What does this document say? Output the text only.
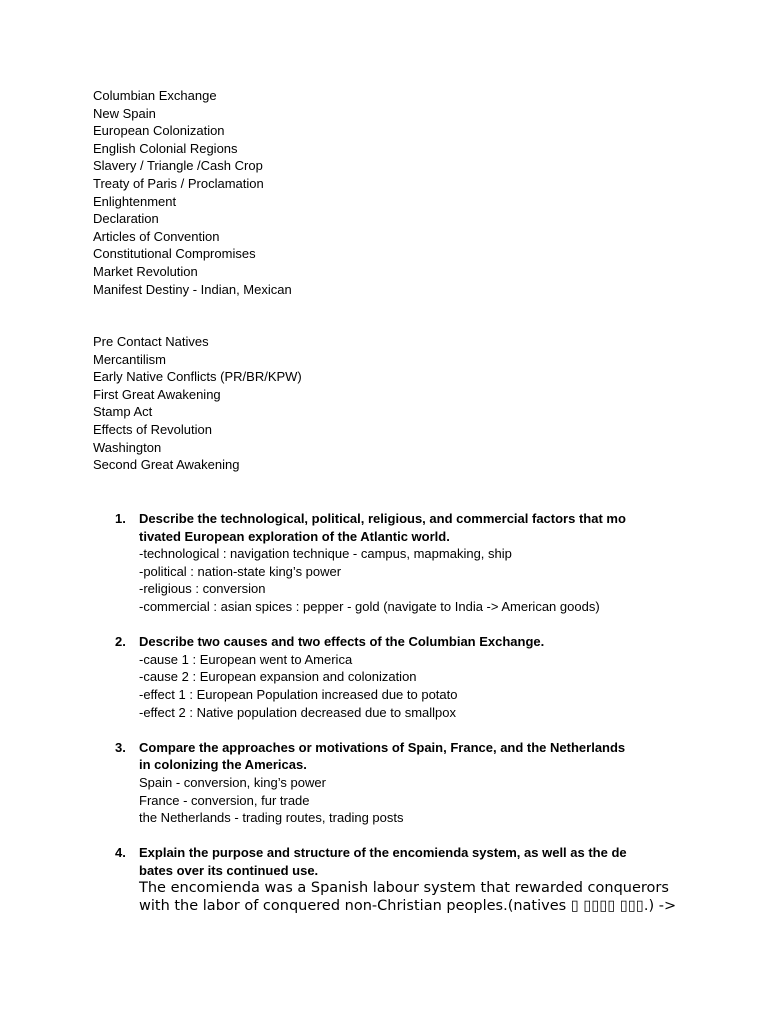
Columbian Exchange
New Spain
European Colonization
English Colonial Regions
Slavery / Triangle /Cash Crop
Treaty of Paris / Proclamation
Enlightenment
Declaration
Articles of Convention
Constitutional Compromises
Market Revolution
Manifest Destiny - Indian, Mexican
Pre Contact Natives
Mercantilism
Early Native Conflicts (PR/BR/KPW)
First Great Awakening
Stamp Act
Effects of Revolution
Washington
Second Great Awakening
1. Describe the technological, political, religious, and commercial factors that mo
tivated European exploration of the Atlantic world.
-technological : navigation technique - campus, mapmaking, ship
-political : nation-state king’s power
-religious : conversion
-commercial : asian spices : pepper - gold (navigate to India -> American goods)
2. Describe two causes and two effects of the Columbian Exchange.
-cause 1 : European went to America
-cause 2 : European expansion and colonization
-effect 1 : European Population increased due to potato
-effect 2 : Native population decreased due to smallpox
3. Compare the approaches or motivations of Spain, France, and the Netherlands
in colonizing the Americas.
Spain - conversion, king’s power
France - conversion, fur trade
the Netherlands - trading routes, trading posts
4. Explain the purpose and structure of the encomienda system, as well as the de
bates over its continued use.
The encomienda was a Spanish labour system that rewarded conquerors
with the labor of conquered non-Christian peoples.(natives ▯ ▯▯▯▯ ▯▯▯.) ->
